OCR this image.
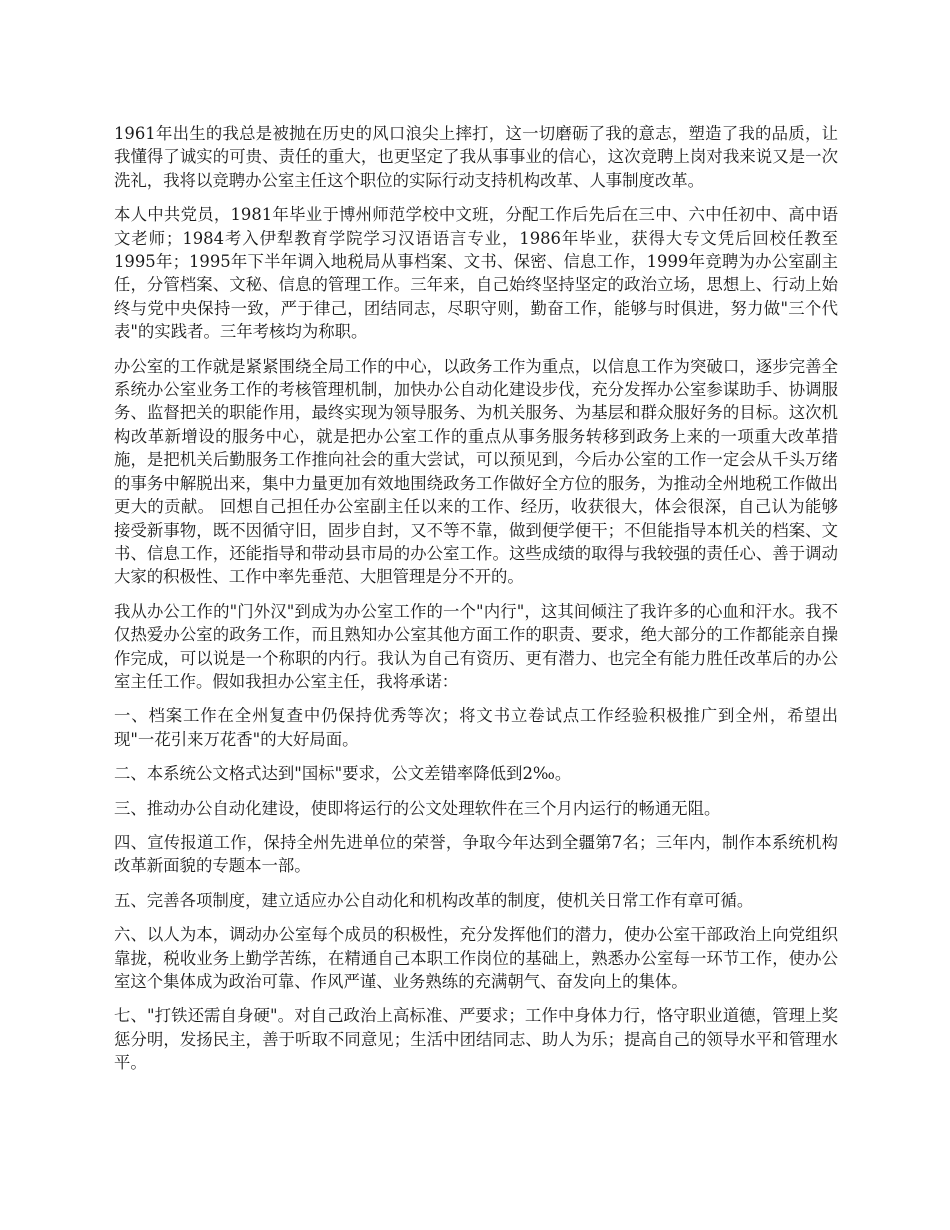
1961年出生的我总是被抛在历史的风口浪尖上摔打，这一切磨砺了我的意志，塑造了我的品质，让我懂得了诚实的可贵、责任的重大，也更坚定了我从事事业的信心，这次竞聘上岗对我来说又是一次洗礼，我将以竞聘办公室主任这个职位的实际行动支持机构改革、人事制度改革。

本人中共党员，1981年毕业于博州师范学校中文班，分配工作后先后在三中、六中任初中、高中语文老师；1984考入伊犁教育学院学习汉语语言专业，1986年毕业，获得大专文凭后回校任教至1995年；1995年下半年调入地税局从事档案、文书、保密、信息工作，1999年竞聘为办公室副主任，分管档案、文秘、信息的管理工作。三年来，自己始终坚持坚定的政治立场，思想上、行动上始终与党中央保持一致，严于律己，团结同志，尽职守则，勤奋工作，能够与时俱进，努力做"三个代表"的实践者。三年考核均为称职。

办公室的工作就是紧紧围绕全局工作的中心，以政务工作为重点，以信息工作为突破口，逐步完善全系统办公室业务工作的考核管理机制，加快办公自动化建设步伐，充分发挥办公室参谋助手、协调服务、监督把关的职能作用，最终实现为领导服务、为机关服务、为基层和群众服好务的目标。这次机构改革新增设的服务中心，就是把办公室工作的重点从事务服务转移到政务上来的一项重大改革措施，是把机关后勤服务工作推向社会的重大尝试，可以预见到，今后办公室的工作一定会从千头万绪的事务中解脱出来，集中力量更加有效地围绕政务工作做好全方位的服务，为推动全州地税工作做出更大的贡献。 回想自己担任办公室副主任以来的工作、经历，收获很大，体会很深，自己认为能够接受新事物，既不因循守旧，固步自封，又不等不靠，做到便学便干；不但能指导本机关的档案、文书、信息工作，还能指导和带动县市局的办公室工作。这些成绩的取得与我较强的责任心、善于调动大家的积极性、工作中率先垂范、大胆管理是分不开的。

我从办公工作的"门外汉"到成为办公室工作的一个"内行"，这其间倾注了我许多的心血和汗水。我不仅热爱办公室的政务工作，而且熟知办公室其他方面工作的职责、要求，绝大部分的工作都能亲自操作完成，可以说是一个称职的内行。我认为自己有资历、更有潜力、也完全有能力胜任改革后的办公室主任工作。假如我担办公室主任，我将承诺：

一、档案工作在全州复查中仍保持优秀等次；将文书立卷试点工作经验积极推广到全州，希望出现"一花引来万花香"的大好局面。

二、本系统公文格式达到"国标"要求，公文差错率降低到2‰。

三、推动办公自动化建设，使即将运行的公文处理软件在三个月内运行的畅通无阻。

四、宣传报道工作，保持全州先进单位的荣誉，争取今年达到全疆第7名；三年内，制作本系统机构改革新面貌的专题本一部。

五、完善各项制度，建立适应办公自动化和机构改革的制度，使机关日常工作有章可循。

六、以人为本，调动办公室每个成员的积极性，充分发挥他们的潜力，使办公室干部政治上向党组织靠拢，税收业务上勤学苦练，在精通自己本职工作岗位的基础上，熟悉办公室每一环节工作，使办公室这个集体成为政治可靠、作风严谨、业务熟练的充满朝气、奋发向上的集体。

七、"打铁还需自身硬"。对自己政治上高标准、严要求；工作中身体力行，恪守职业道德，管理上奖惩分明，发扬民主，善于听取不同意见；生活中团结同志、助人为乐；提高自己的领导水平和管理水平。
